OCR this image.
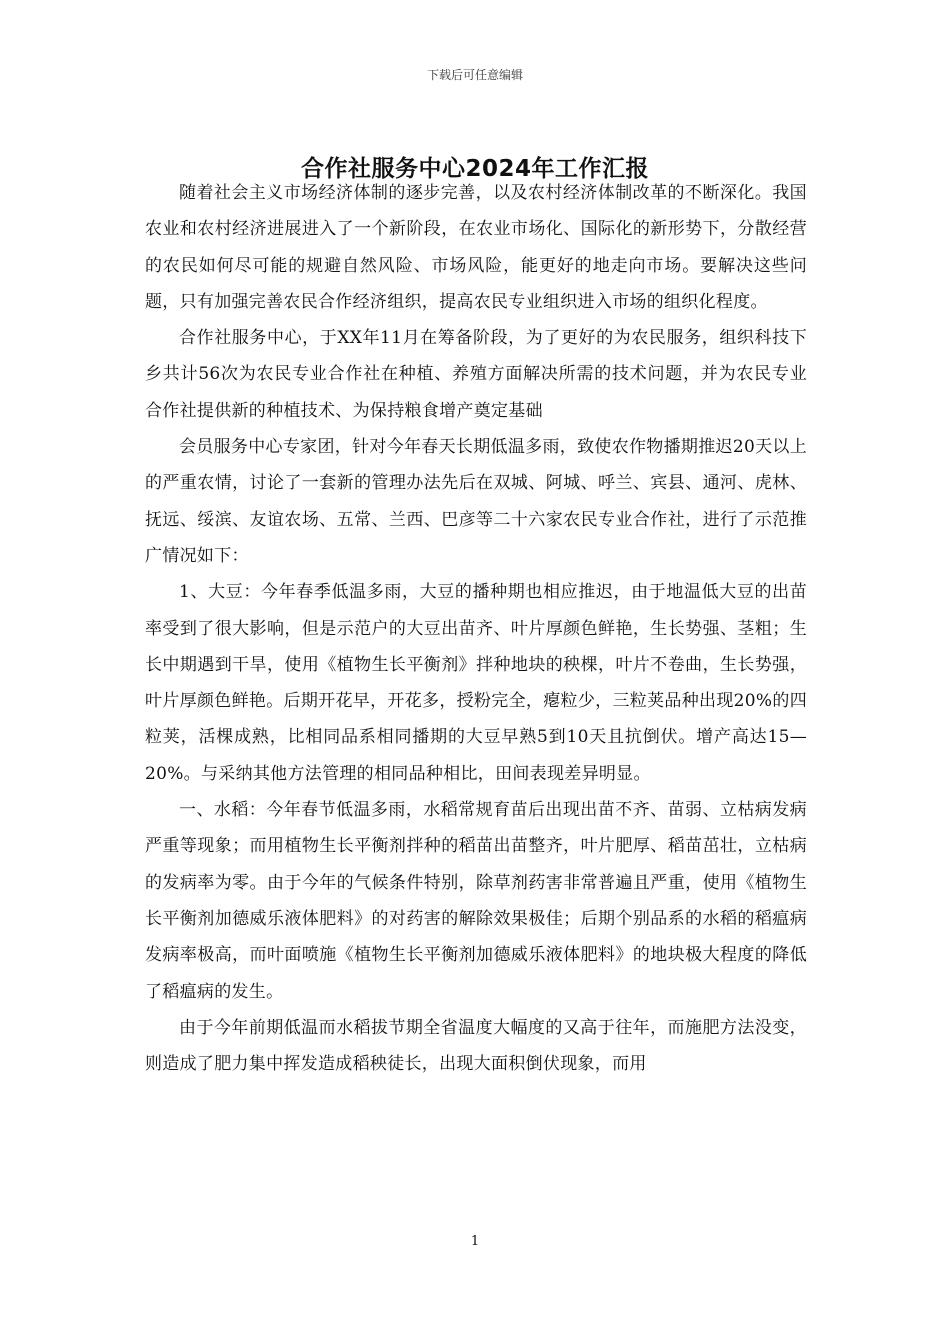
下载后可任意编辑
合作社服务中心2024年工作汇报

随着社会主义市场经济体制的逐步完善，以及农村经济体制改革的不断深化。我国农业和农村经济进展进入了一个新阶段，在农业市场化、国际化的新形势下，分散经营的农民如何尽可能的规避自然风险、市场风险，能更好的地走向市场。要解决这些问题，只有加强完善农民合作经济组织，提高农民专业组织进入市场的组织化程度。

合作社服务中心，于XX年11月在筹备阶段，为了更好的为农民服务，组织科技下乡共计56次为农民专业合作社在种植、养殖方面解决所需的技术问题，并为农民专业合作社提供新的种植技术、为保持粮食增产奠定基础

会员服务中心专家团，针对今年春天长期低温多雨，致使农作物播期推迟20天以上的严重农情，讨论了一套新的管理办法先后在双城、阿城、呼兰、宾县、通河、虎林、抚远、绥滨、友谊农场、五常、兰西、巴彦等二十六家农民专业合作社，进行了示范推广情况如下：

1、大豆：今年春季低温多雨，大豆的播种期也相应推迟，由于地温低大豆的出苗率受到了很大影响，但是示范户的大豆出苗齐、叶片厚颜色鲜艳，生长势强、茎粗；生长中期遇到干旱，使用《植物生长平衡剂》拌种地块的秧棵，叶片不卷曲，生长势强，叶片厚颜色鲜艳。后期开花早，开花多，授粉完全，瘪粒少，三粒荚品种出现20%的四粒荚，活棵成熟，比相同品系相同播期的大豆早熟5到10天且抗倒伏。增产高达15—20%。与采纳其他方法管理的相同品种相比，田间表现差异明显。

一、水稻：今年春节低温多雨，水稻常规育苗后出现出苗不齐、苗弱、立枯病发病严重等现象；而用植物生长平衡剂拌种的稻苗出苗整齐，叶片肥厚、稻苗茁壮，立枯病的发病率为零。由于今年的气候条件特别，除草剂药害非常普遍且严重，使用《植物生长平衡剂加德威乐液体肥料》的对药害的解除效果极佳；后期个别品系的水稻的稻瘟病发病率极高，而叶面喷施《植物生长平衡剂加德威乐液体肥料》的地块极大程度的降低了稻瘟病的发生。

由于今年前期低温而水稻拔节期全省温度大幅度的又高于往年，而施肥方法没变，则造成了肥力集中挥发造成稻秧徒长，出现大面积倒伏现象，而用

1
